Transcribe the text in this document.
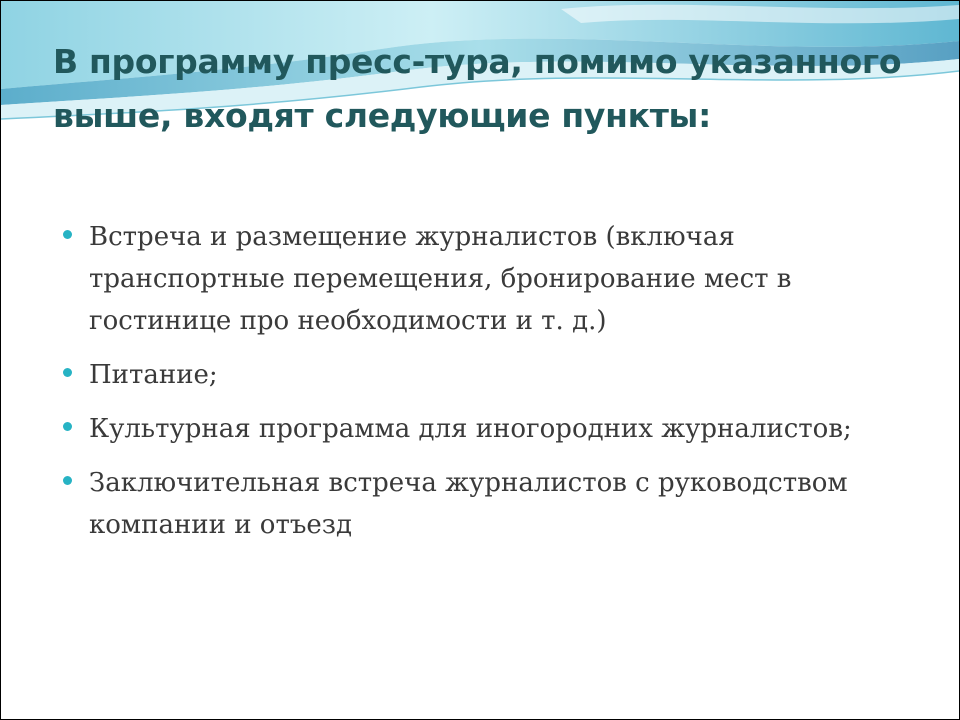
В программу пресс-тура, помимо указанного выше, входят следующие пункты:
Встреча и размещение журналистов (включая транспортные перемещения, бронирование мест в гостинице про необходимости и т. д.)
Питание;
Культурная программа для иногородних журналистов;
Заключительная встреча журналистов с руководством компании и отъезд
